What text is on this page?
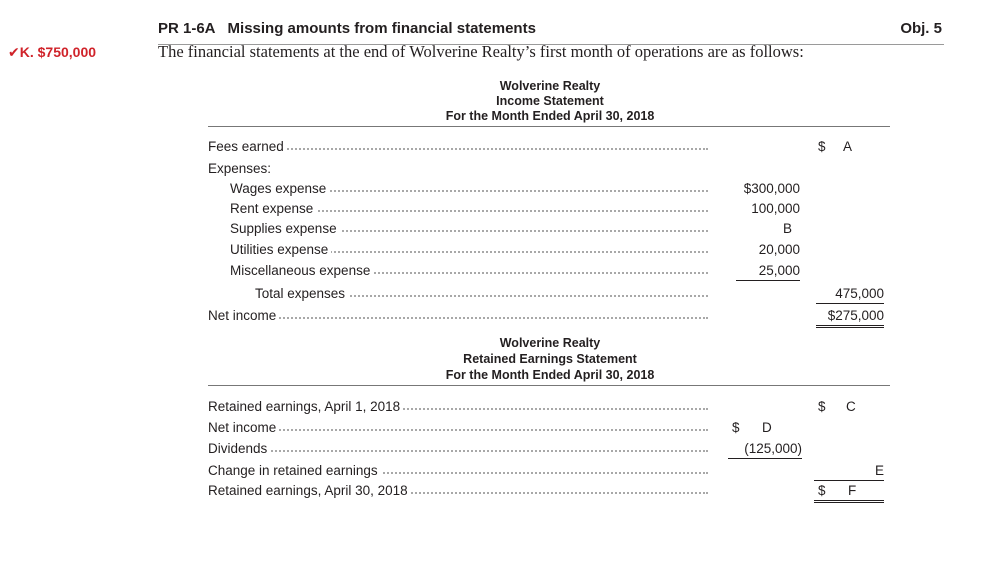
PR 1-6A Missing amounts from financial statements	Obj. 5
✔K. $750,000	The financial statements at the end of Wolverine Realty’s first month of operations are as follows:
Wolverine Realty
Income Statement
For the Month Ended April 30, 2018
Fees earned	$ A
Expenses:
Wages expense	$300,000
Rent expense	100,000
Supplies expense	B
Utilities expense	20,000
Miscellaneous expense	25,000
Total expenses	475,000
Net income	$275,000
Wolverine Realty
Retained Earnings Statement
For the Month Ended April 30, 2018
Retained earnings, April 1, 2018	$ C
Net income	$ D
Dividends	(125,000)
Change in retained earnings	E
Retained earnings, April 30, 2018	$ F
